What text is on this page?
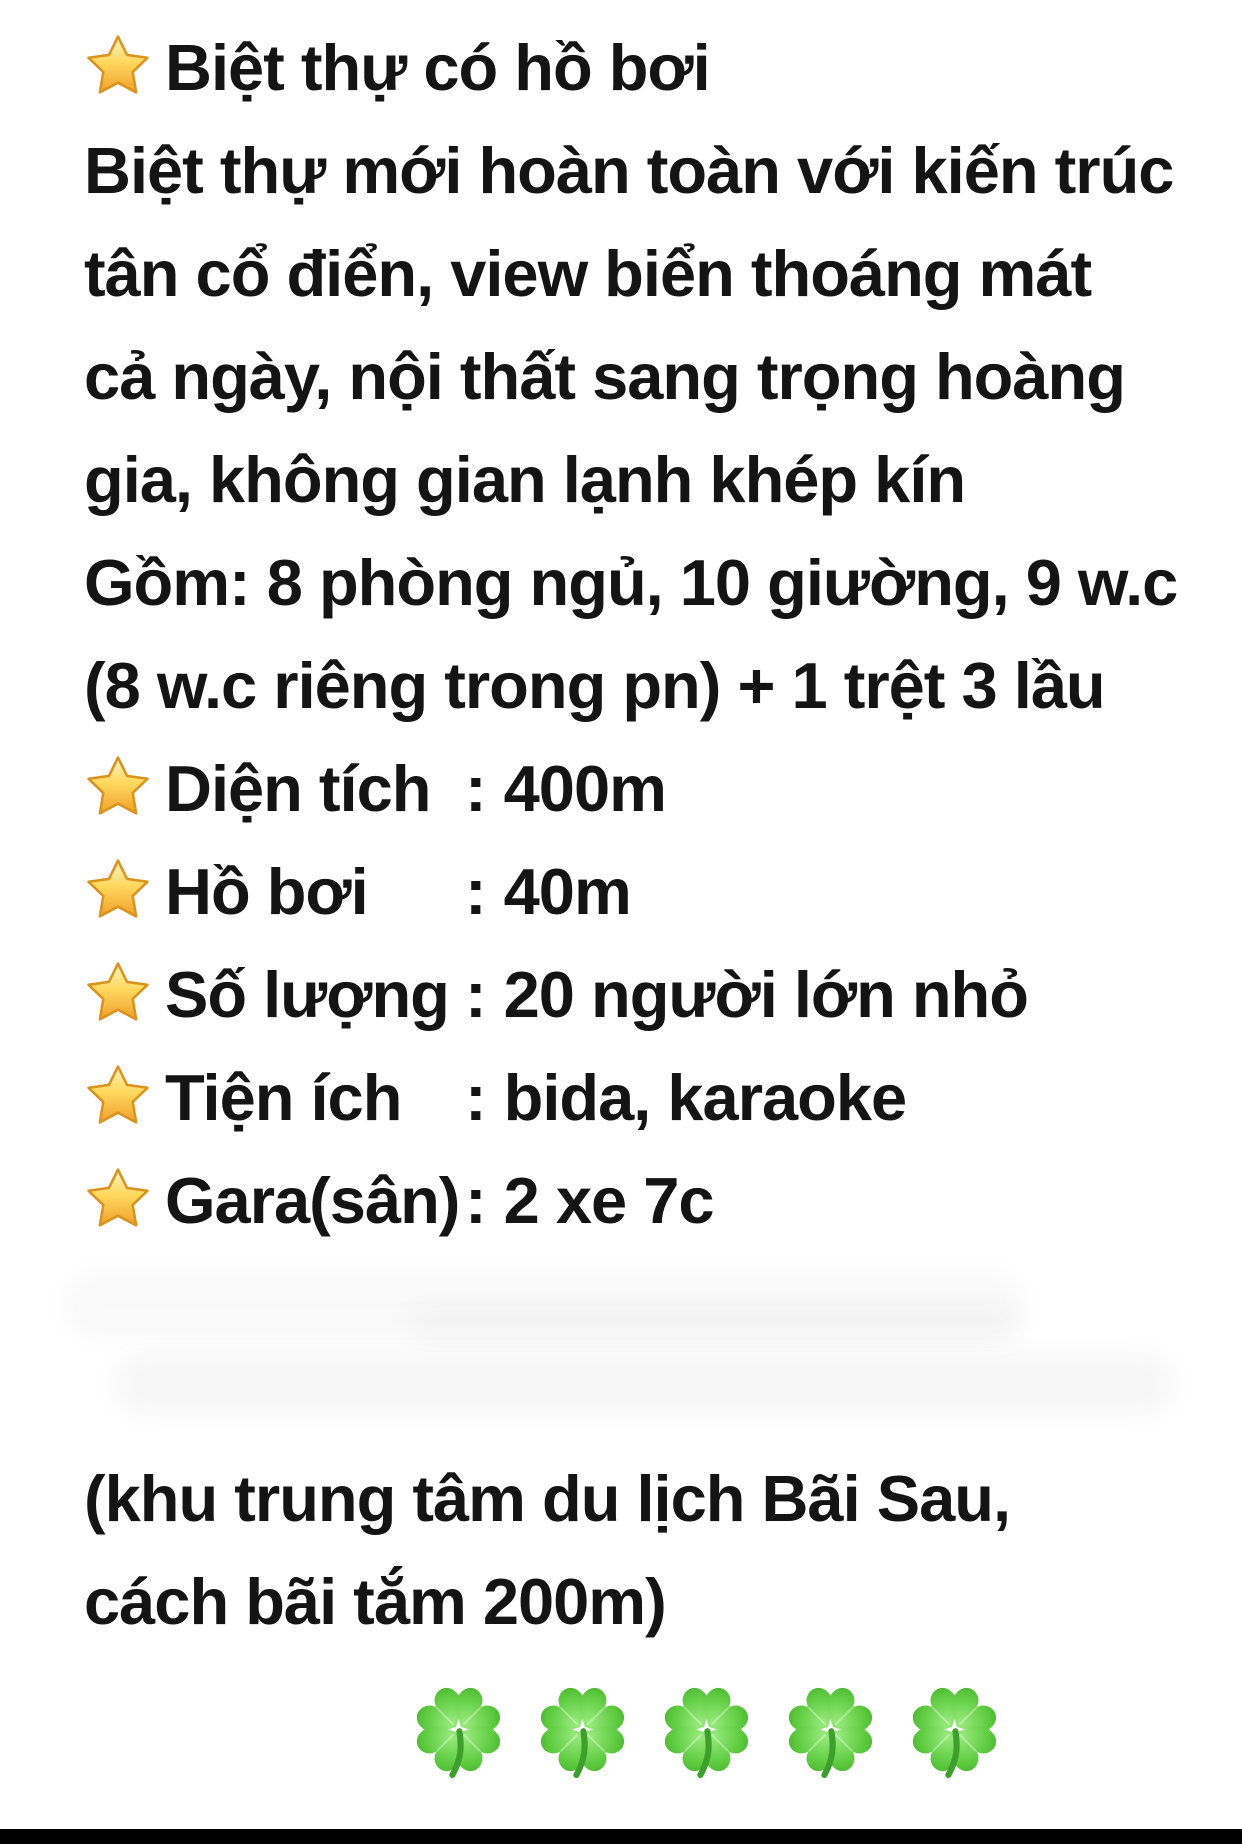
Biệt thự có hồ bơi
Biệt thự mới hoàn toàn với kiến trúc
tân cổ điển, view biển thoáng mát
cả ngày, nội thất sang trọng hoàng
gia, không gian lạnh khép kín
Gồm: 8 phòng ngủ, 10 giường, 9 w.c
(8 w.c riêng trong pn) + 1 trệt 3 lầu
Diện tích : 400m
Hồ bơi : 40m
Số lượng : 20 người lớn nhỏ
Tiện ích : bida, karaoke
Gara(sân): 2 xe 7c
(khu trung tâm du lịch Bãi Sau,
cách bãi tắm 200m)
